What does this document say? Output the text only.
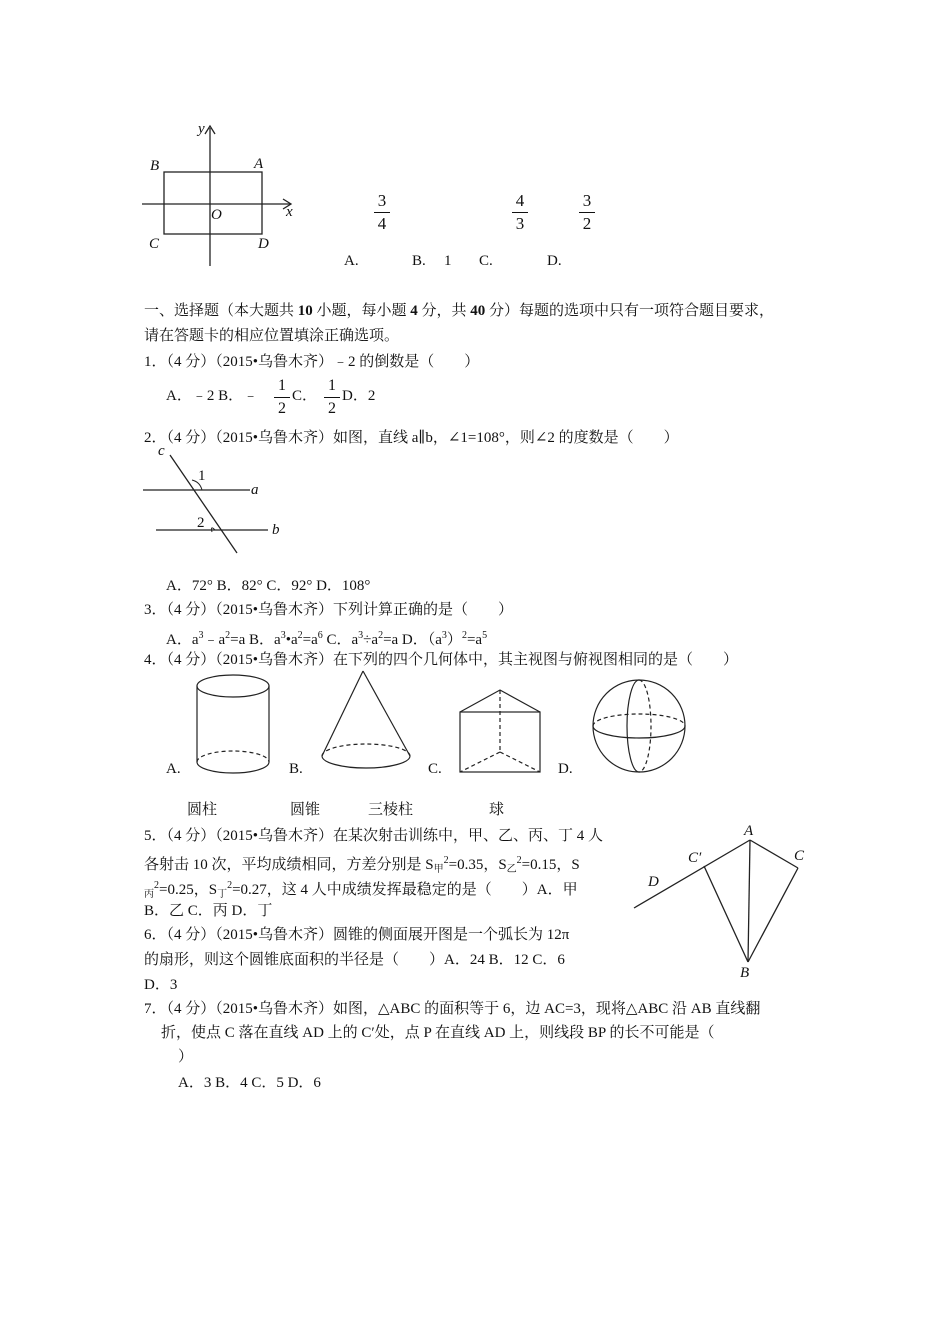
y
x
A
B
O
C	D
3
4
4
3
3
2
A.	B. 1 C.	D.
一、选择题（本大题共 10 小题，每小题 4 分，共 40 分）每题的选项中只有一项符合题目要求，
请在答题卡的相应位置填涂正确选项。
1．（4 分）（2015•乌鲁木齐）﹣2 的倒数是（　　）
A．﹣2 B．﹣
1
2
C．
1
2
D．2
2．（4 分）（2015•乌鲁木齐）如图，直线 a∥b，∠1=108°，则∠2 的度数是（　　）
c
1
a
2	b
A．72° B．82° C．92° D．108°
3．（4 分）（2015•乌鲁木齐）下列计算正确的是（　　）
A．$a^3﹣a^2=a$ B．$a^3•a^2=a^6$ C．$a^3\div a^2=a$ D．$(a^3)^2=a^5$
4．（4 分）（2015•乌鲁木齐）在下列的四个几何体中，其主视图与俯视图相同的是（　　）
A.	B.	C.	D.
圆柱	圆锥	三棱柱	球
5．（4 分）（2015•乌鲁木齐）在某次射击训练中，甲、乙、丙、丁 4 人
各射击 10 次，平均成绩相同，方差分别是 $S_甲^2=0.35$，$S_乙^2=0.15$，S
$_丙^2$=0.25，$S_丁^2=0.27$，这 4 人中成绩发挥最稳定的是（　　）A．甲
B．乙 C．丙 D．丁
6．（4 分）（2015•乌鲁木齐）圆锥的侧面展开图是一个弧长为 12π
的扇形，则这个圆锥底面积的半径是（　　）A．24 B．12 C．6
D．3
A
C′	C
D
B
7．（4 分）（2015•乌鲁木齐）如图，△ABC 的面积等于 6，边 AC=3，现将△ABC 沿 AB 直线翻
折，使点 C 落在直线 AD 上的 C′处，点 P 在直线 AD 上，则线段 BP 的长不可能是（
）
A．3 B．4 C．5 D．6
